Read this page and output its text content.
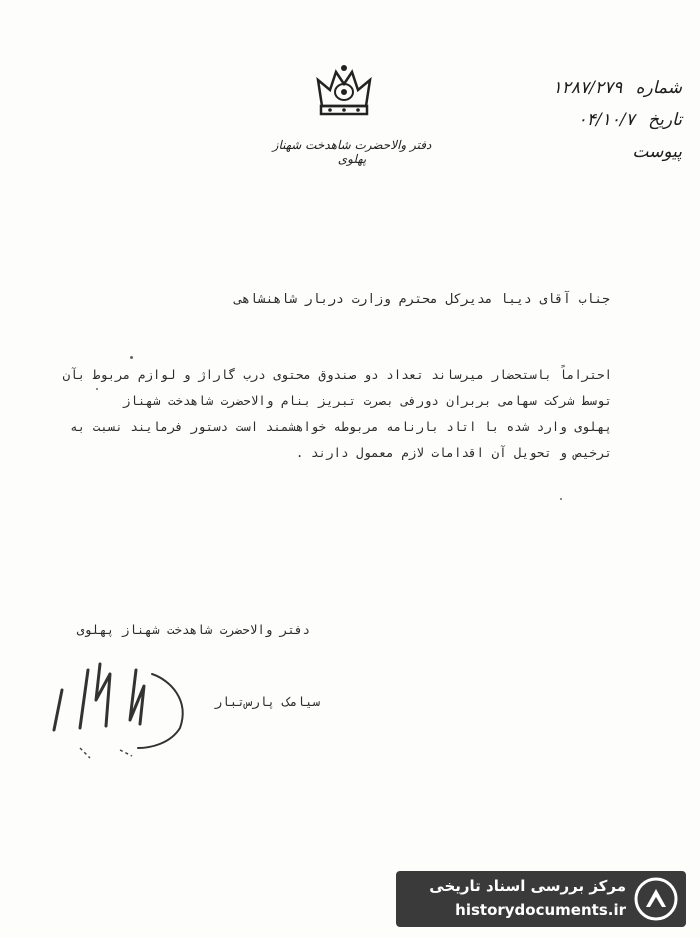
دفتر والاحضرت شاهدخت شهناز پهلوی
شماره ۱۲۸۷/۲۷۹
تاریخ ۰۴/۱۰/۷
پیوست
جناب آقای دیبا مدیرکل محترم وزارت دربار شاهنشاهی
احتراماً باستحضار میرساند تعداد دو صندوق محتوی درب گاراژ و لوازم مربوط بآن
توسط شرکت سهامی بربران دورفی بصرت تبریز بنام والاحضرت شاهدخت شهناز
پهلوی وارد شده با اتاد بارنامه مربوطه خواهشمند است دستور فرمایند نسبت به
ترخیص و تحویل آن اقدامات لازم معمول دارند .
دفتر والاحضرت شاهدخت شهناز پهلوی
سیامک پارس‌تبار
مرکز بررسی اسناد تاریخی
historydocuments.ir
